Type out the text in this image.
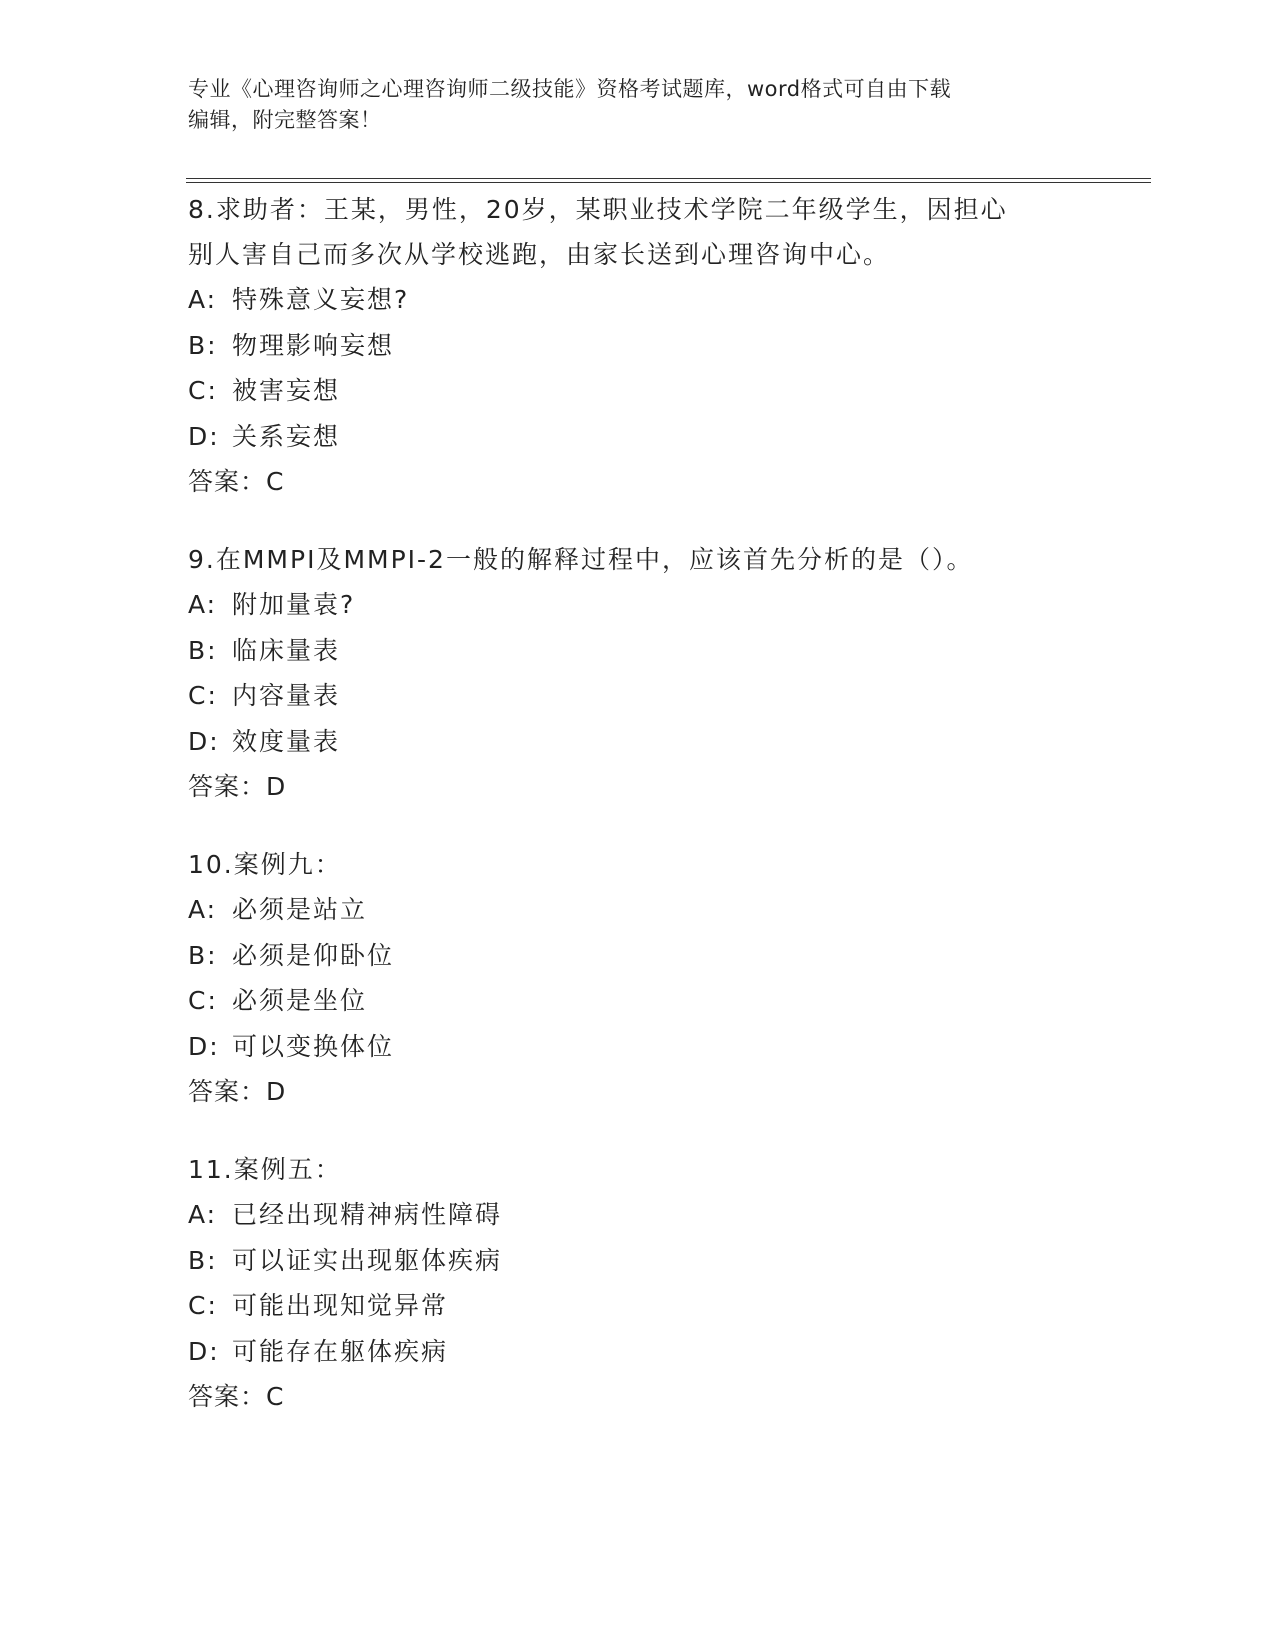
专业《心理咨询师之心理咨询师二级技能》资格考试题库，word格式可自由下载
编辑，附完整答案！
8.求助者：王某，男性，20岁，某职业技术学院二年级学生，因担心
别人害自己而多次从学校逃跑，由家长送到心理咨询中心。
A: 特殊意义妄想?
B: 物理影响妄想
C: 被害妄想
D: 关系妄想
答案：C
9.在MMPI及MMPI-2一般的解释过程中，应该首先分析的是（）。
A: 附加量袁?
B: 临床量表
C: 内容量表
D: 效度量表
答案：D
10.案例九：
A: 必须是站立
B: 必须是仰卧位
C: 必须是坐位
D: 可以变换体位
答案：D
11.案例五：
A: 已经出现精神病性障碍
B: 可以证实出现躯体疾病
C: 可能出现知觉异常
D: 可能存在躯体疾病
答案：C
